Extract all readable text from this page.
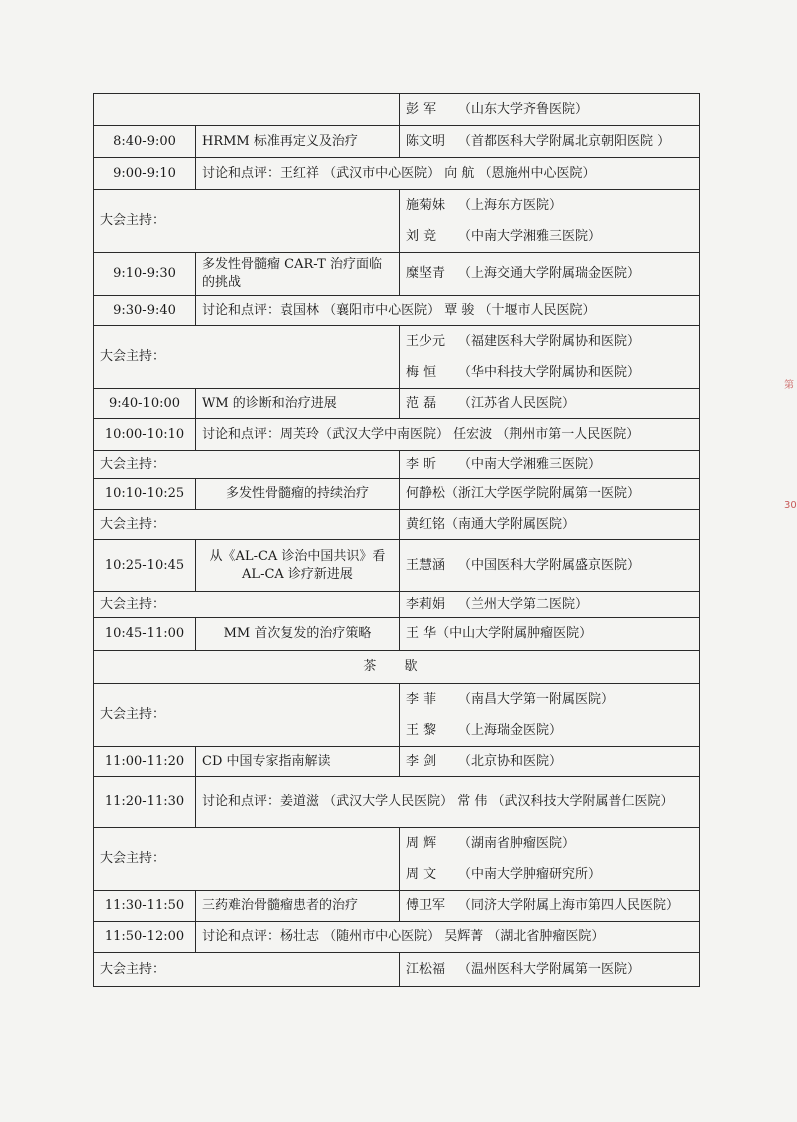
		彭 军 （山东大学齐鲁医院）
8:40-9:00	HRMM 标准再定义及治疗	陈文明 （首都医科大学附属北京朝阳医院 ）
9:00-9:10	讨论和点评：王红祥 （武汉市中心医院） 向 航 （恩施州中心医院）	
大会主持：		施菊妹 （上海东方医院）
刘 竞 （中南大学湘雅三医院）

9:10-9:30	多发性骨髓瘤 CAR-T 治疗面临的挑战	糜坚青 （上海交通大学附属瑞金医院）
9:30-9:40	讨论和点评：袁国林 （襄阳市中心医院） 覃 骏 （十堰市人民医院）	
大会主持：		王少元 （福建医科大学附属协和医院）
梅 恒 （华中科技大学附属协和医院）

9:40-10:00	WM 的诊断和治疗进展	范 磊 （江苏省人民医院）
10:00-10:10	讨论和点评：周芙玲（武汉大学中南医院） 任宏波 （荆州市第一人民医院）	
大会主持：		李 昕 （中南大学湘雅三医院）
10:10-10:25	多发性骨髓瘤的持续治疗	何静松（浙江大学医学院附属第一医院）
大会主持：		黄红铭（南通大学附属医院）
10:25-10:45	从《AL-CA 诊治中国共识》看 AL-CA 诊疗新进展	王慧涵 （中国医科大学附属盛京医院）
大会主持：		李莉娟 （兰州大学第二医院）
10:45-11:00	MM 首次复发的治疗策略	王 华（中山大学附属肿瘤医院）
茶 歇		
大会主持：		李 菲 （南昌大学第一附属医院）
王 黎 （上海瑞金医院）

11:00-11:20	CD 中国专家指南解读	李 剑 （北京协和医院）
11:20-11:30	讨论和点评：姜道滋 （武汉大学人民医院） 常 伟 （武汉科技大学附属普仁医院）	
大会主持：		周 辉 （湖南省肿瘤医院）
周 文 （中南大学肿瘤研究所）

11:30-11:50	三药难治骨髓瘤患者的治疗	傅卫军 （同济大学附属上海市第四人民医院）
11:50-12:00	讨论和点评：杨壮志 （随州市中心医院） 吴辉菁 （湖北省肿瘤医院）	
大会主持：		江松福 （温州医科大学附属第一医院）
第
30
